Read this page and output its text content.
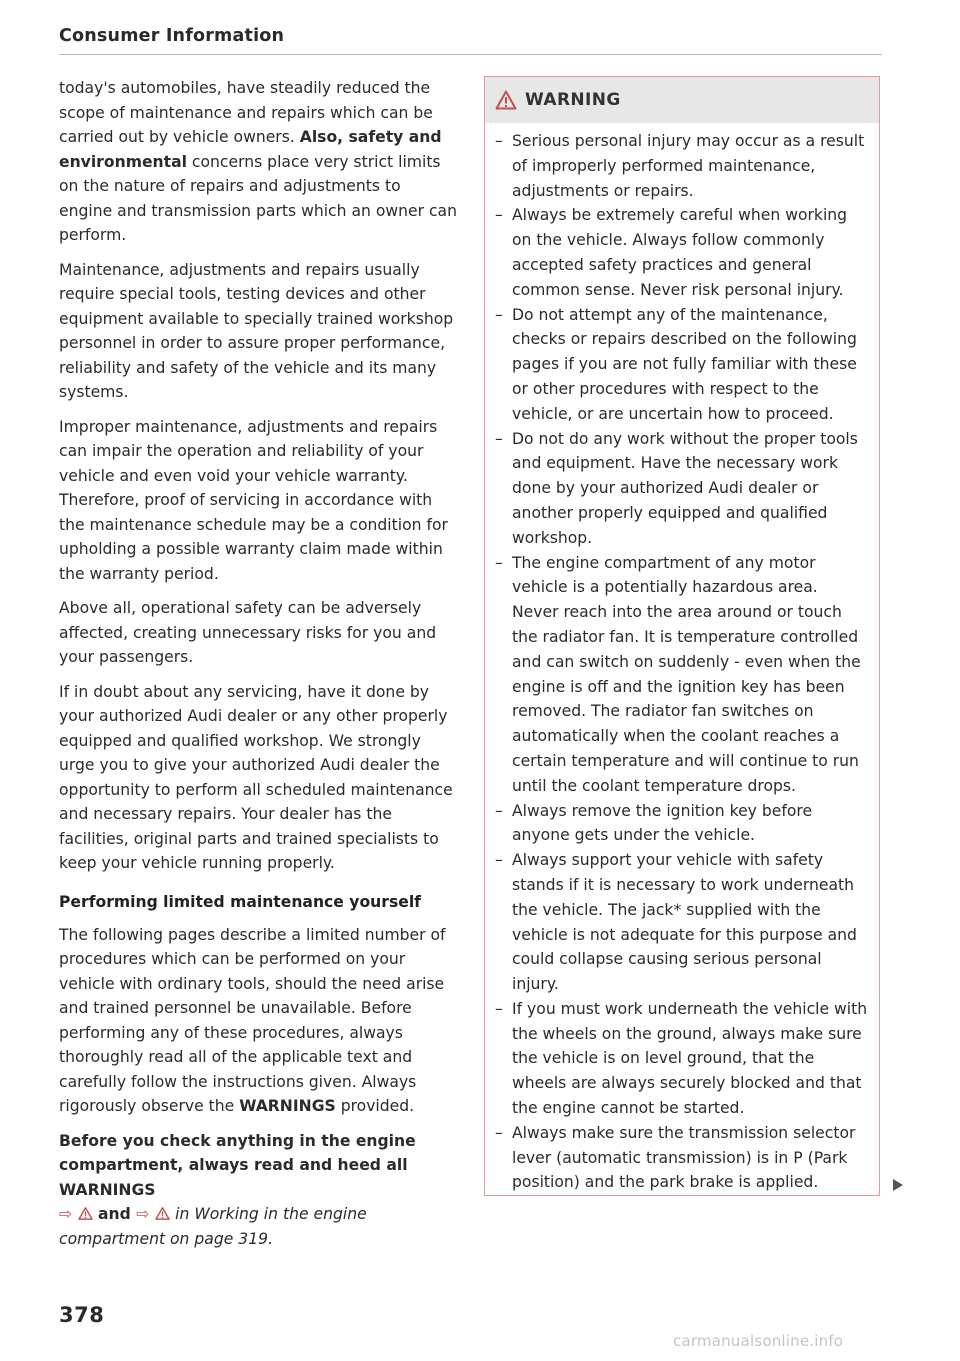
Consumer Information

today's automobiles, have steadily reduced the scope of maintenance and repairs which can be carried out by vehicle owners. Also, safety and environmental concerns place very strict limits on the nature of repairs and adjustments to engine and transmission parts which an owner can perform.

Maintenance, adjustments and repairs usually require special tools, testing devices and other equipment available to specially trained workshop personnel in order to assure proper performance, reliability and safety of the vehicle and its many systems.

Improper maintenance, adjustments and repairs can impair the operation and reliability of your vehicle and even void your vehicle warranty. Therefore, proof of servicing in accordance with the maintenance schedule may be a condition for upholding a possible warranty claim made within the warranty period.

Above all, operational safety can be adversely affected, creating unnecessary risks for you and your passengers.

If in doubt about any servicing, have it done by your authorized Audi dealer or any other properly equipped and qualified workshop. We strongly urge you to give your authorized Audi dealer the opportunity to perform all scheduled maintenance and necessary repairs. Your dealer has the facilities, original parts and trained specialists to keep your vehicle running properly.

Performing limited maintenance yourself

The following pages describe a limited number of procedures which can be performed on your vehicle with ordinary tools, should the need arise and trained personnel be unavailable. Before performing any of these procedures, always thoroughly read all of the applicable text and carefully follow the instructions given. Always rigorously observe the WARNINGS provided.

Before you check anything in the engine compartment, always read and heed all WARNINGS
⇨ and ⇨ in Working in the engine compartment on page 319.

WARNING
– Serious personal injury may occur as a result of improperly performed maintenance, adjustments or repairs.
– Always be extremely careful when working on the vehicle. Always follow commonly accepted safety practices and general common sense. Never risk personal injury.
– Do not attempt any of the maintenance, checks or repairs described on the following pages if you are not fully familiar with these or other procedures with respect to the vehicle, or are uncertain how to proceed.
– Do not do any work without the proper tools and equipment. Have the necessary work done by your authorized Audi dealer or another properly equipped and qualified workshop.
– The engine compartment of any motor vehicle is a potentially hazardous area. Never reach into the area around or touch the radiator fan. It is temperature controlled and can switch on suddenly - even when the engine is off and the ignition key has been removed. The radiator fan switches on automatically when the coolant reaches a certain temperature and will continue to run until the coolant temperature drops.
– Always remove the ignition key before anyone gets under the vehicle.
– Always support your vehicle with safety stands if it is necessary to work underneath the vehicle. The jack* supplied with the vehicle is not adequate for this purpose and could collapse causing serious personal injury.
– If you must work underneath the vehicle with the wheels on the ground, always make sure the vehicle is on level ground, that the wheels are always securely blocked and that the engine cannot be started.
– Always make sure the transmission selector lever (automatic transmission) is in P (Park position) and the park brake is applied.
378
carmanualsonline.info
